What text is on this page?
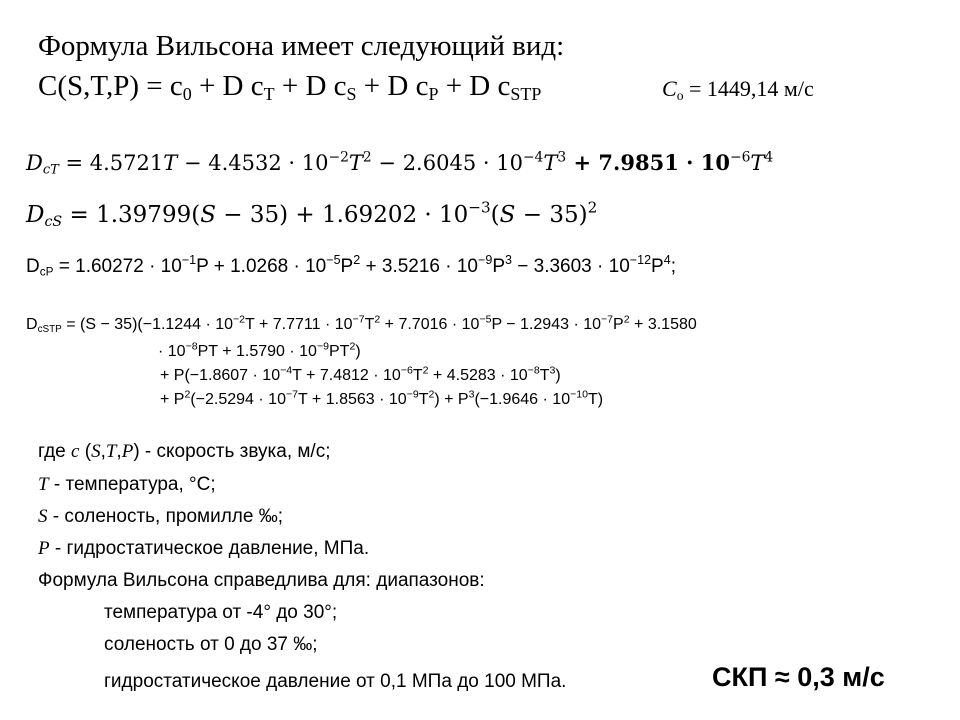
Формула Вильсона имеет следующий вид:
$C(S,T,P) = c_0 + D$ $c_T + D$ $c_S + D$ $c_P + D$ $c_{STP}$	$C_о = 1449,14$ м/с
$D_{cT} = 4.5721T - 4.4532 \cdot 10^{-2}T^2 - 2.6045 \cdot 10^{-4}T^3 + 7.9851 \cdot 10^{-6}T^4$
$D_{cS} = 1.39799(S - 35) + 1.69202 \cdot 10^{-3}(S - 35)^2$
$D_{cP} = 1.60272 \cdot 10^{-1}P + 1.0268 \cdot 10^{-5}P^2 + 3.5216 \cdot 10^{-9}P^3 - 3.3603 \cdot 10^{-12}P^4$;
$D_{cSTP} = (S - 35)(-1.1244 \cdot 10^{-2}T + 7.7711 \cdot 10^{-7}T^2 + 7.7016 \cdot 10^{-5}P - 1.2943 \cdot 10^{-7}P^2 + 3.1580$
· $10^{-8}PT + 1.5790 \cdot 10^{-9}PT^2$)
+ $P(-1.8607 \cdot 10^{-4}T + 7.4812 \cdot 10^{-6}T^2 + 4.5283 \cdot 10^{-8}T^3)$
+ $P^2(-2.5294 \cdot 10^{-7}T + 1.8563 \cdot 10^{-9}T^2) + P^3(-1.9646 \cdot 10^{-10}T)$
где c (S,T,P) - скорость звука, м/с;
T - температура, °С;
S - соленость, промилле ‰;
P - гидростатическое давление, МПа.
Формула Вильсона справедлива для: диапазонов:
температура от -4° до 30°;
соленость от 0 до 37 ‰;
гидростатическое давление от 0,1 МПа до 100 МПа.	СКП ≈ 0,3 м/с
